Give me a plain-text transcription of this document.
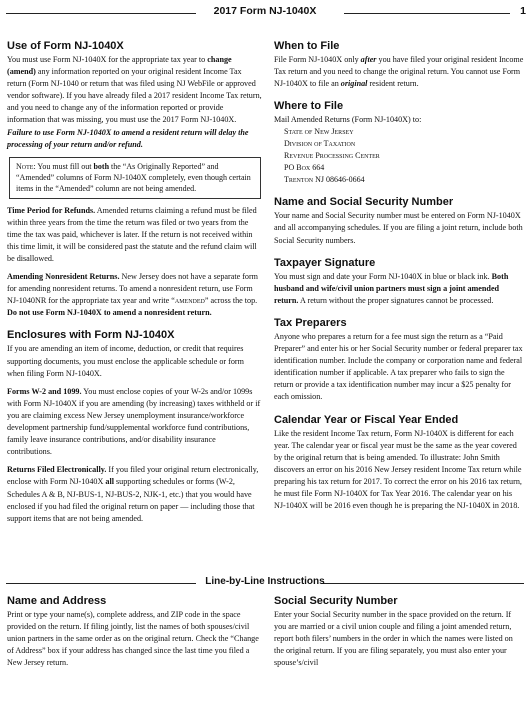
2017 Form NJ-1040X	1
Use of Form NJ-1040X

You must use Form NJ-1040X for the appropriate tax year to change (amend) any information reported on your original resident Income Tax return (Form NJ-1040 or return that was filed using NJ WebFile or approved vendor software). If you have already filed a 2017 resident Income Tax return, and you need to change any of the information reported or provide information that was missing, you must use the 2017 Form NJ-1040X. Failure to use Form NJ-1040X to amend a resident return will delay the processing of your return and/or refund.

Note: You must fill out both the “As Originally Reported” and “Amended” columns of Form NJ-1040X completely, even though certain items in the “Amended” column are not being amended.

Time Period for Refunds. Amended returns claiming a refund must be filed within three years from the time the return was filed or two years from the time the tax was paid, whichever is later. If the return is not received within this time limit, it will be considered past the statute and the refund claim will be disallowed.

Amending Nonresident Returns. New Jersey does not have a separate form for amending nonresident returns. To amend a nonresident return, use Form NJ-1040NR for the appropriate tax year and write “amended” across the top. Do not use Form NJ-1040X to amend a nonresident return.

Enclosures with Form NJ-1040X

If you are amending an item of income, deduction, or credit that requires supporting documents, you must enclose the applicable schedule or form when filing Form NJ-1040X.

Forms W-2 and 1099. You must enclose copies of your W-2s and/or 1099s with Form NJ-1040X if you are amending (by increasing) taxes withheld or if you are claiming excess New Jersey unemployment insurance/workforce development partnership fund/supplemental workforce fund contributions, family leave insurance contributions, and/or disability insurance contributions.

Returns Filed Electronically. If you filed your original return electronically, enclose with Form NJ-1040X all supporting schedules or forms (W-2, Schedules A & B, NJ-BUS-1, NJ-BUS-2, NJK-1, etc.) that you would have enclosed if you had filed the original return on paper — including those that support items that are not being amended.

When to File

File Form NJ-1040X only after you have filed your original resident Income Tax return and you need to change the original return. You cannot use Form NJ-1040X to file an original resident return.

Where to File

Mail Amended Returns (Form NJ-1040X) to:

State of New Jersey
Division of Taxation
Revenue Processing Center
PO Box 664
Trenton NJ 08646-0664
Name and Social Security Number

Your name and Social Security number must be entered on Form NJ-1040X and all accompanying schedules. If you are filing a joint return, include both Social Security numbers.

Taxpayer Signature

You must sign and date your Form NJ-1040X in blue or black ink. Both husband and wife/civil union partners must sign a joint amended return. A return without the proper signatures cannot be processed.

Tax Preparers

Anyone who prepares a return for a fee must sign the return as a “Paid Preparer” and enter his or her Social Security number or federal preparer tax identification number. Include the company or corporation name and federal identification number if applicable. A tax preparer who fails to sign the return or provide a tax identification number may incur a $25 penalty for each omission.

Calendar Year or Fiscal Year Ended

Like the resident Income Tax return, Form NJ-1040X is different for each year. The calendar year or fiscal year must be the same as the year covered by the original return that is being amended. To illustrate: John Smith discovers an error on his 2016 New Jersey resident Income Tax return while preparing his tax return for 2017. To correct the error on his 2016 tax return, he must file Form NJ-1040X for Tax Year 2016. The calendar year on his NJ-1040X will be 2016 even though he is preparing the NJ-1040X in 2018.

Line-by-Line Instructions
Name and Address

Print or type your name(s), complete address, and ZIP code in the space provided on the return. If filing jointly, list the names of both spouses/civil union partners in the same order as on the original return. Check the “Change of Address” box if your address has changed since the last time you filed a New Jersey return.

Social Security Number

Enter your Social Security number in the space provided on the return. If you are married or a civil union couple and filing a joint amended return, report both filers’ numbers in the order in which the names were listed on the original return. If you are filing separately, you must also enter your spouse’s/civil
